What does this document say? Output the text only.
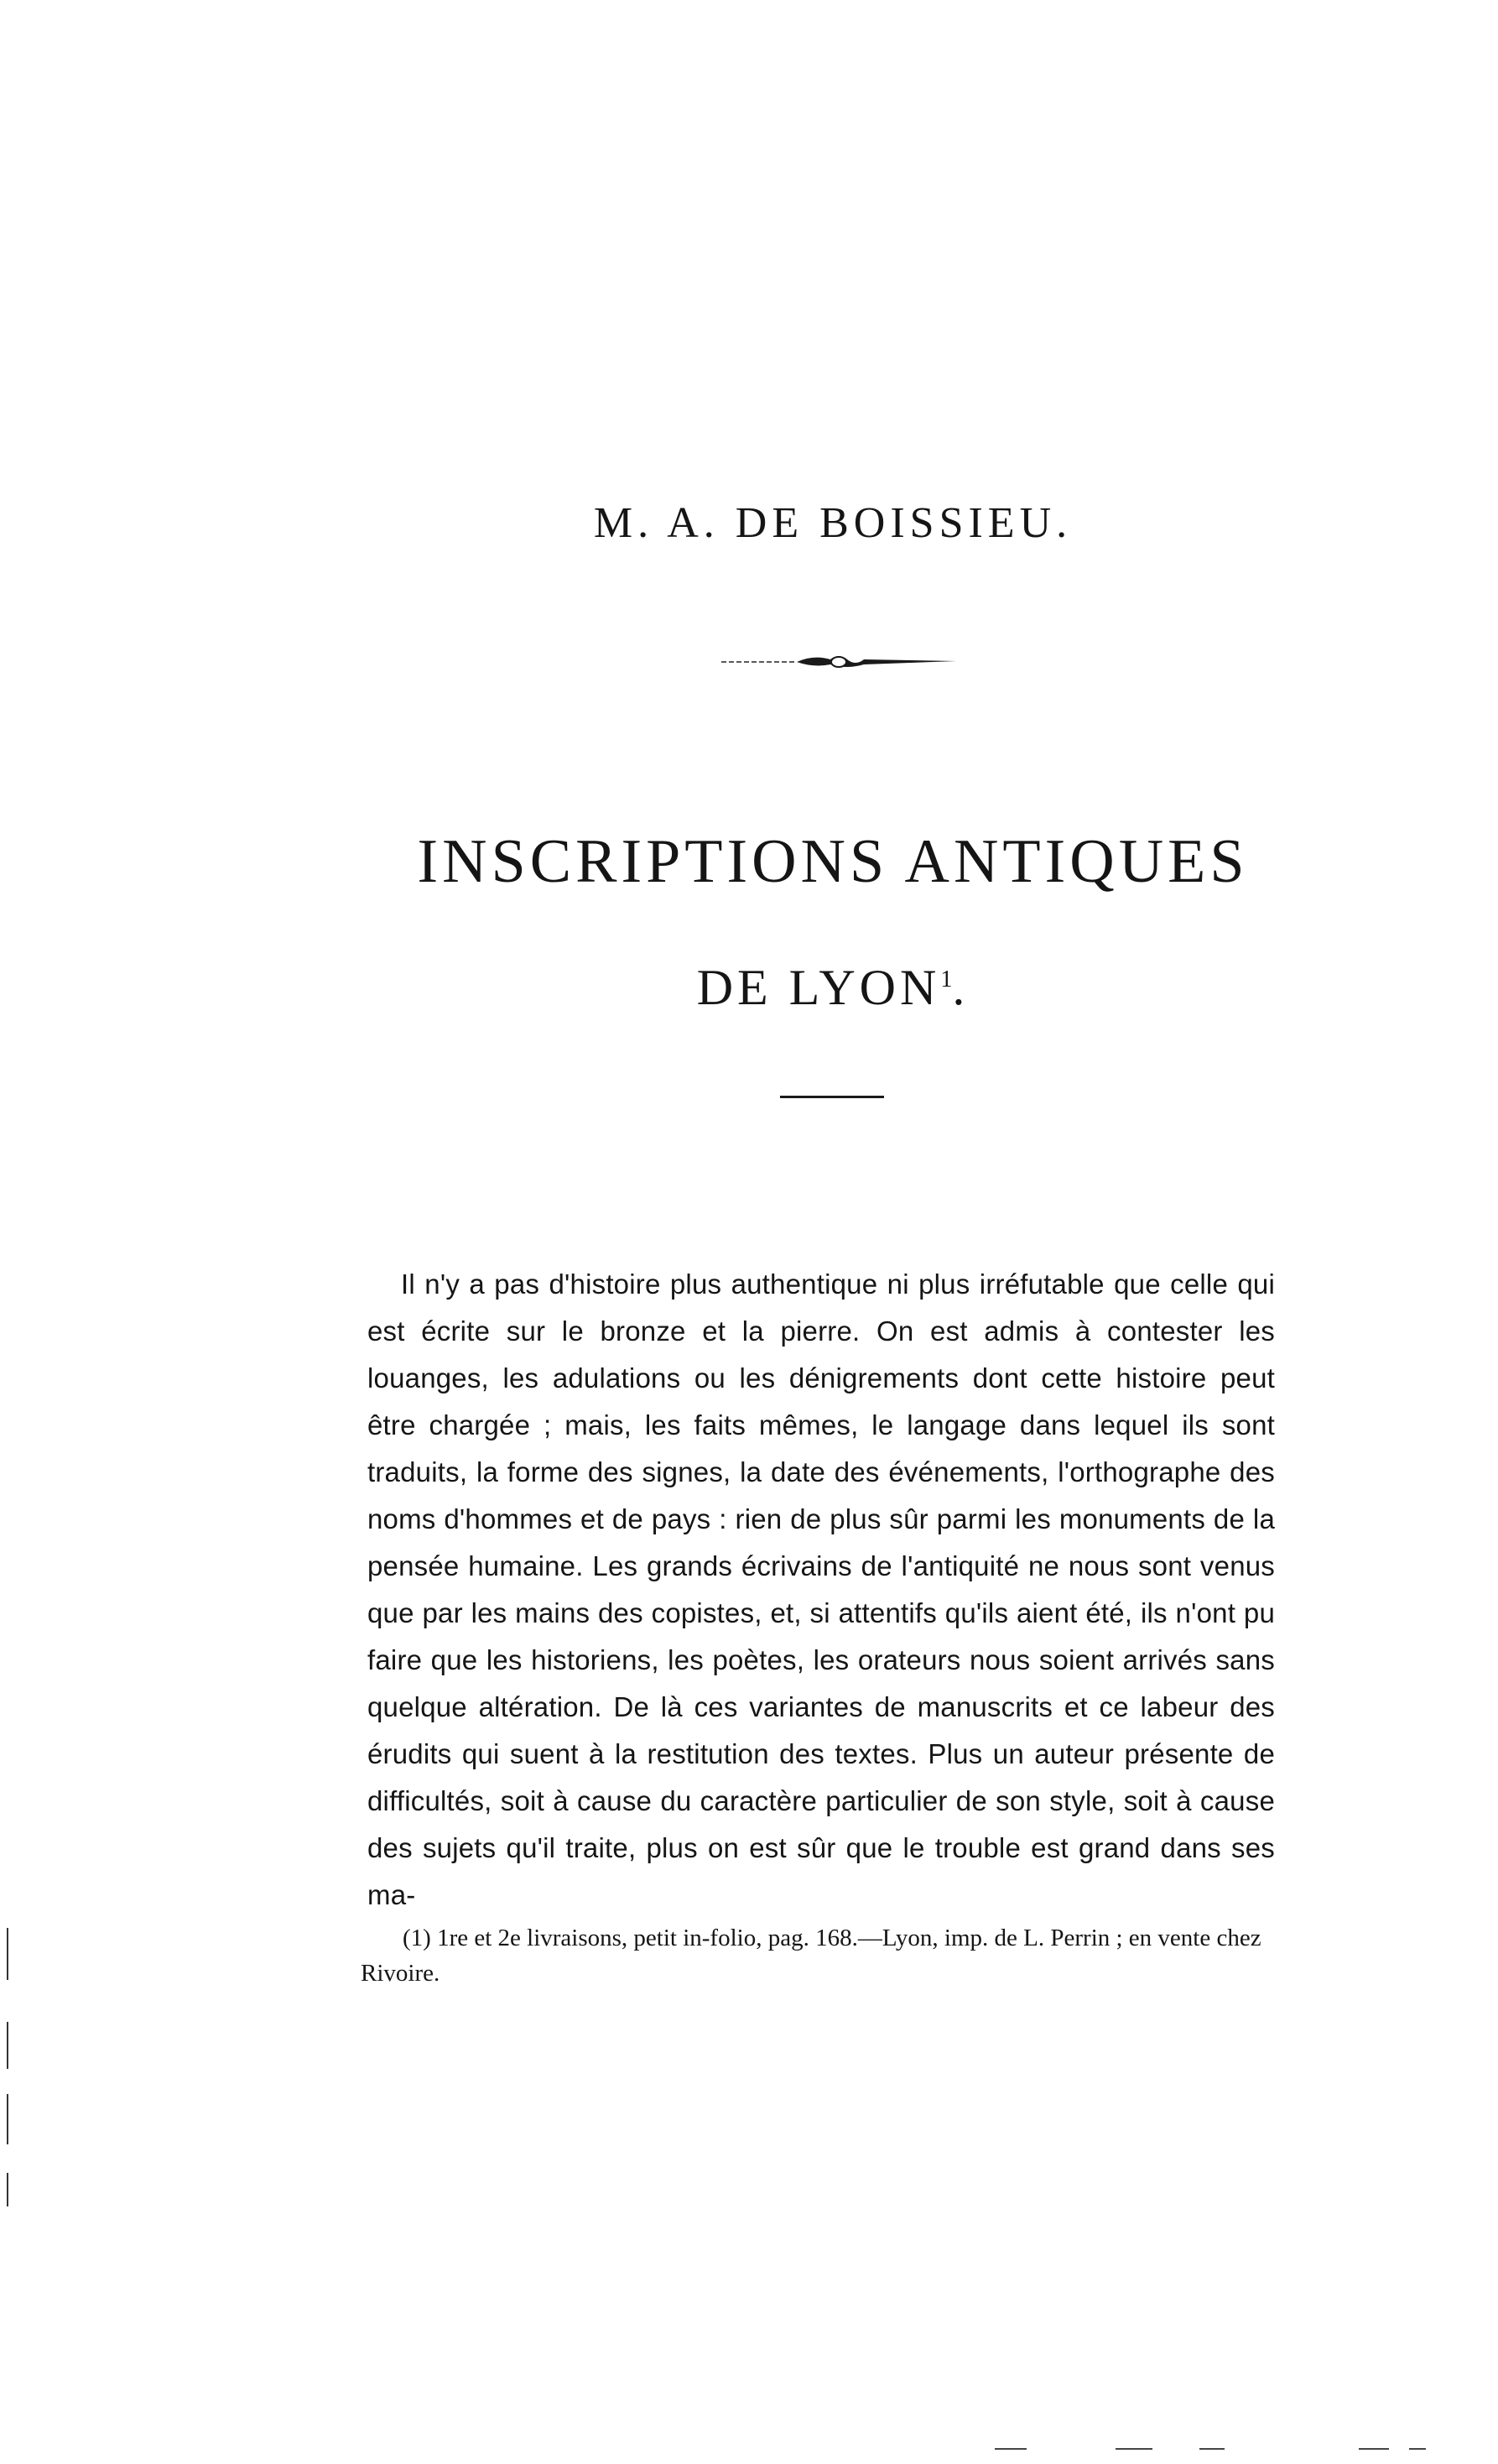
M. A. DE BOISSIEU.
INSCRIPTIONS ANTIQUES
DE LYON$^1$.

Il n'y a pas d'histoire plus authentique ni plus irréfutable que celle qui est écrite sur le bronze et la pierre. On est admis à contester les louanges, les adulations ou les dénigrements dont cette histoire peut être chargée ; mais, les faits mêmes, le langage dans lequel ils sont traduits, la forme des signes, la date des événements, l'orthographe des noms d'hommes et de pays : rien de plus sûr parmi les monuments de la pensée humaine. Les grands écrivains de l'antiquité ne nous sont venus que par les mains des copistes, et, si attentifs qu'ils aient été, ils n'ont pu faire que les historiens, les poètes, les orateurs nous soient arrivés sans quelque altération. De là ces variantes de manuscrits et ce labeur des érudits qui suent à la restitution des textes. Plus un auteur présente de difficultés, soit à cause du caractère particulier de son style, soit à cause des sujets qu'il traite, plus on est sûr que le trouble est grand dans ses ma-

(1) 1re et 2e livraisons, petit in-folio, pag. 168.—Lyon, imp. de L. Perrin ; en vente chez Rivoire.
